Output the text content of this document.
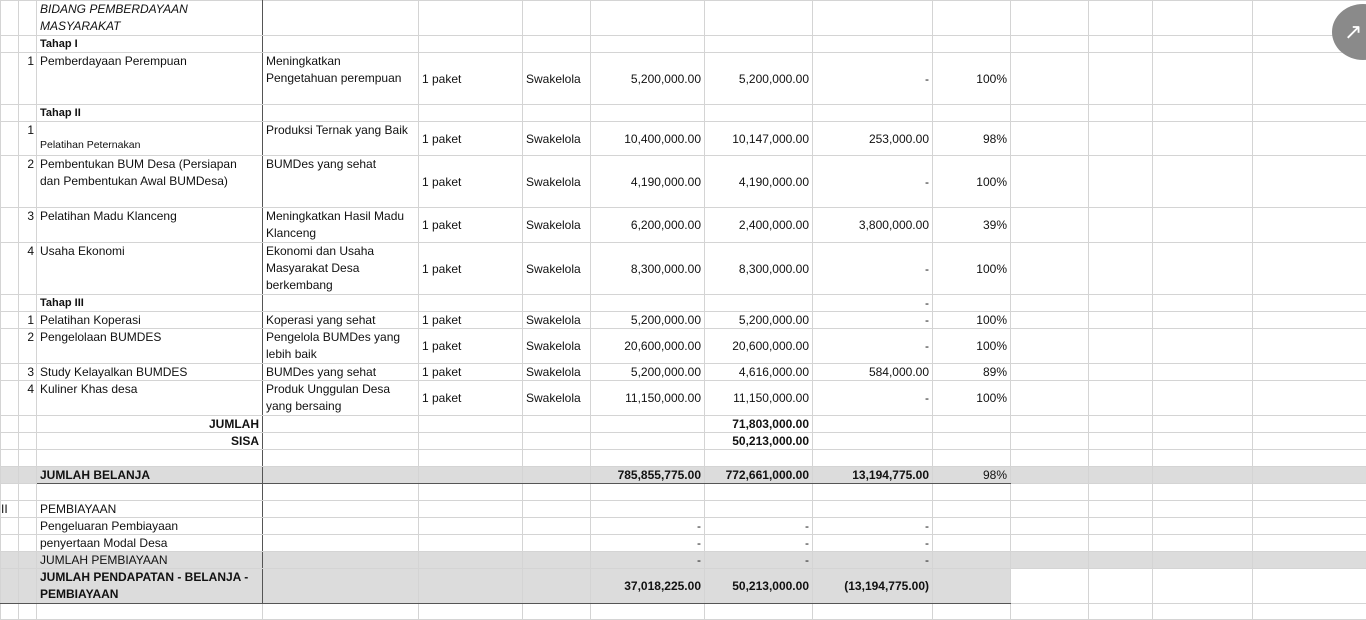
		BIDANG PEMBERDAYAAN
MASYARAKAT											

		Tahap I											
	1	Pemberdayaan Perempuan	Meningkatkan Pengetahuan perempuan	1 paket	Swakelola	5,200,000.00	5,200,000.00	-	100%				
		Tahap II											
	1	Pelatihan Peternakan	Produksi Ternak yang Baik	1 paket	Swakelola	10,400,000.00	10,147,000.00	253,000.00	98%				
	2	Pembentukan BUM Desa (Persiapan dan Pembentukan Awal BUMDesa)	BUMDes yang sehat	1 paket	Swakelola	4,190,000.00	4,190,000.00	-	100%				
	3	Pelatihan Madu Klanceng	Meningkatkan Hasil Madu Klanceng	1 paket	Swakelola	6,200,000.00	2,400,000.00	3,800,000.00	39%				
	4	Usaha Ekonomi	Ekonomi dan Usaha Masyarakat Desa berkembang	1 paket	Swakelola	8,300,000.00	8,300,000.00	-	100%				
		Tahap III						-					
	1	Pelatihan Koperasi	Koperasi yang sehat	1 paket	Swakelola	5,200,000.00	5,200,000.00	-	100%				
	2	Pengelolaan BUMDES	Pengelola BUMDes yang lebih baik	1 paket	Swakelola	20,600,000.00	20,600,000.00	-	100%				
	3	Study Kelayalkan BUMDES	BUMDes yang sehat	1 paket	Swakelola	5,200,000.00	4,616,000.00	584,000.00	89%				
	4	Kuliner Khas desa	Produk Unggulan Desa yang bersaing	1 paket	Swakelola	11,150,000.00	11,150,000.00	-	100%				
		JUMLAH					71,803,000.00						
		SISA					50,213,000.00						

		JUMLAH BELANJA				785,855,775.00	772,661,000.00	13,194,775.00	98%				

II		PEMBIAYAAN											
		Pengeluaran Pembiayaan				-	-	-					
		penyertaan Modal Desa				-	-	-					
		JUMLAH PEMBIAYAAN				-	-	-					
		JUMLAH PENDAPATAN - BELANJA - PEMBIAYAAN				37,018,225.00	50,213,000.00	(13,194,775.00)					

↗
